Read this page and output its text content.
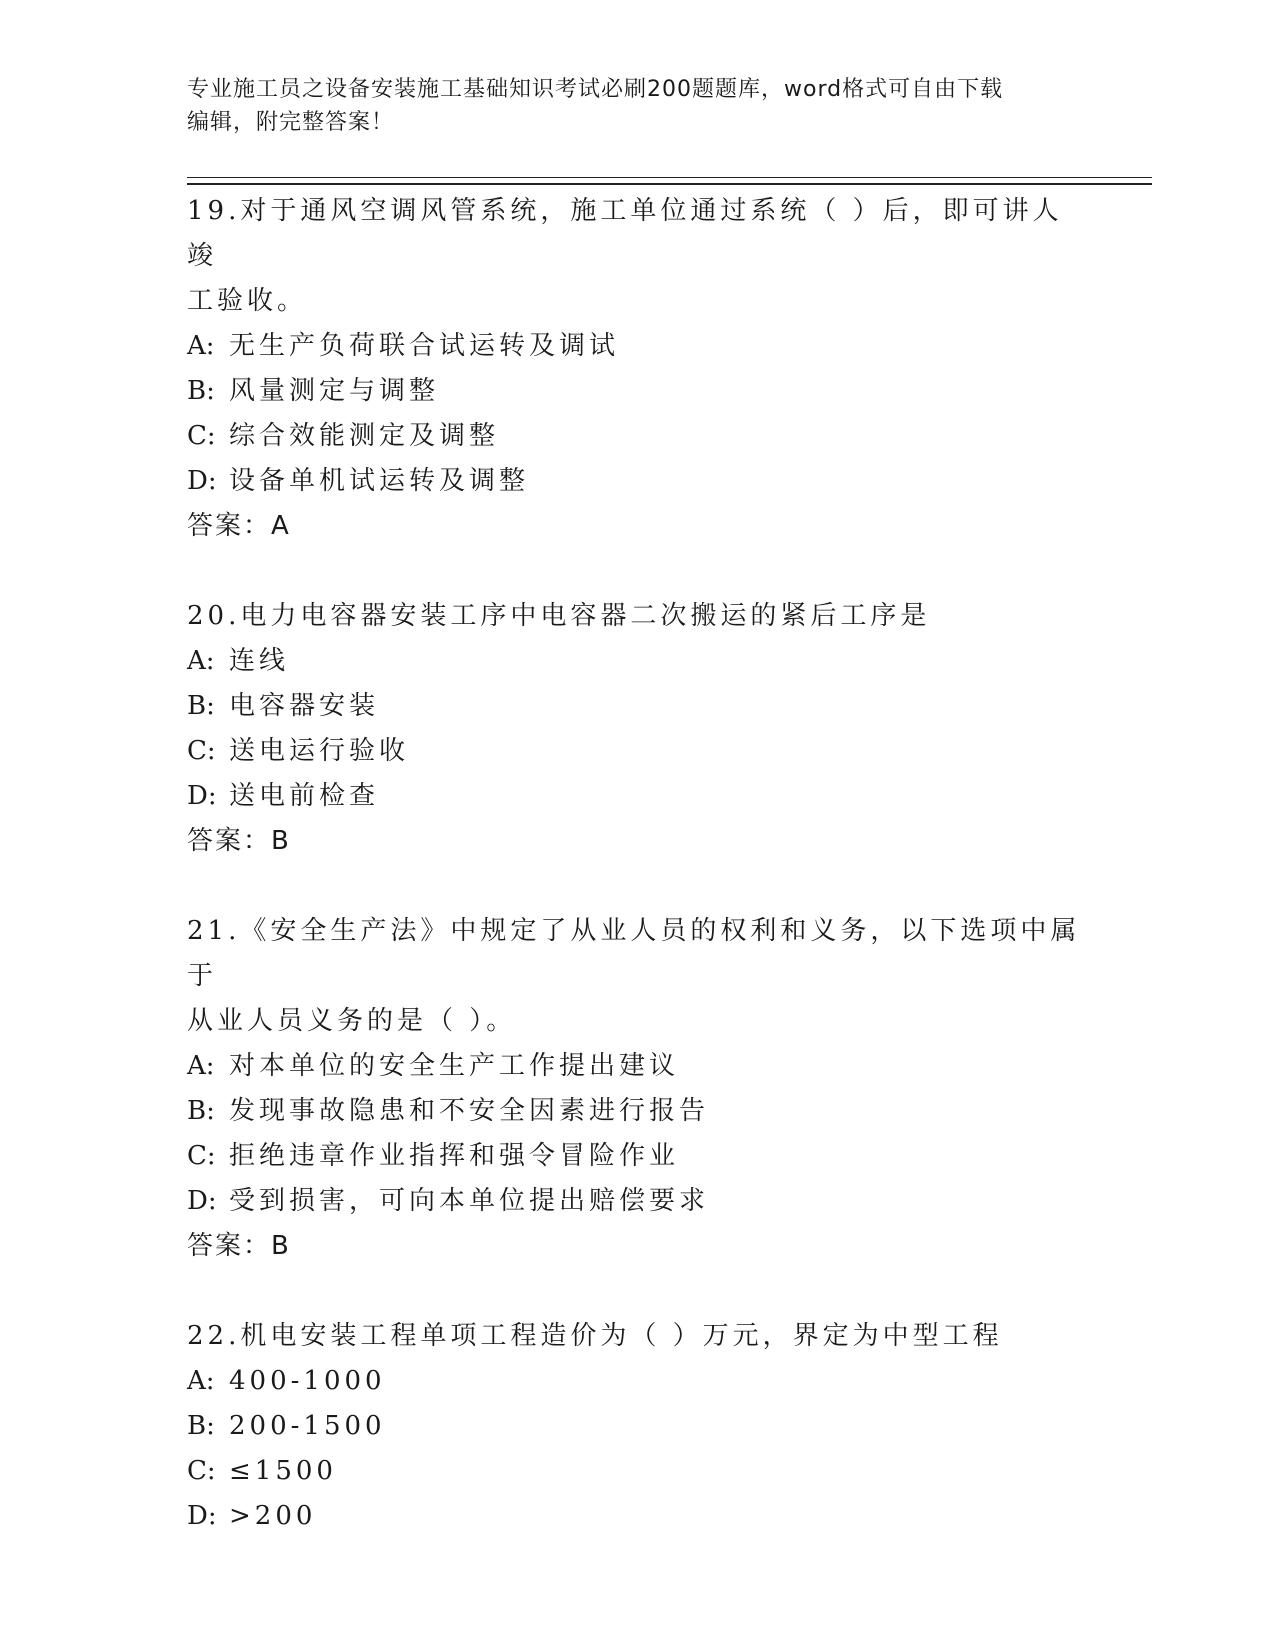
专业施工员之设备安装施工基础知识考试必刷200题题库，word格式可自由下载
编辑，附完整答案！
19.对于通风空调风管系统，施工单位通过系统（ ）后，即可讲人竣
工验收。
A: 无生产负荷联合试运转及调试
B: 风量测定与调整
C: 综合效能测定及调整
D: 设备单机试运转及调整
答案：A
20.电力电容器安装工序中电容器二次搬运的紧后工序是
A: 连线
B: 电容器安装
C: 送电运行验收
D: 送电前检查
答案：B
21.《安全生产法》中规定了从业人员的权利和义务，以下选项中属于
从业人员义务的是（ ）。
A: 对本单位的安全生产工作提出建议
B: 发现事故隐患和不安全因素进行报告
C: 拒绝违章作业指挥和强令冒险作业
D: 受到损害，可向本单位提出赔偿要求
答案：B
22.机电安装工程单项工程造价为（ ）万元，界定为中型工程
A: 400-1000
B: 200-1500
C: ≤1500
D: >200
